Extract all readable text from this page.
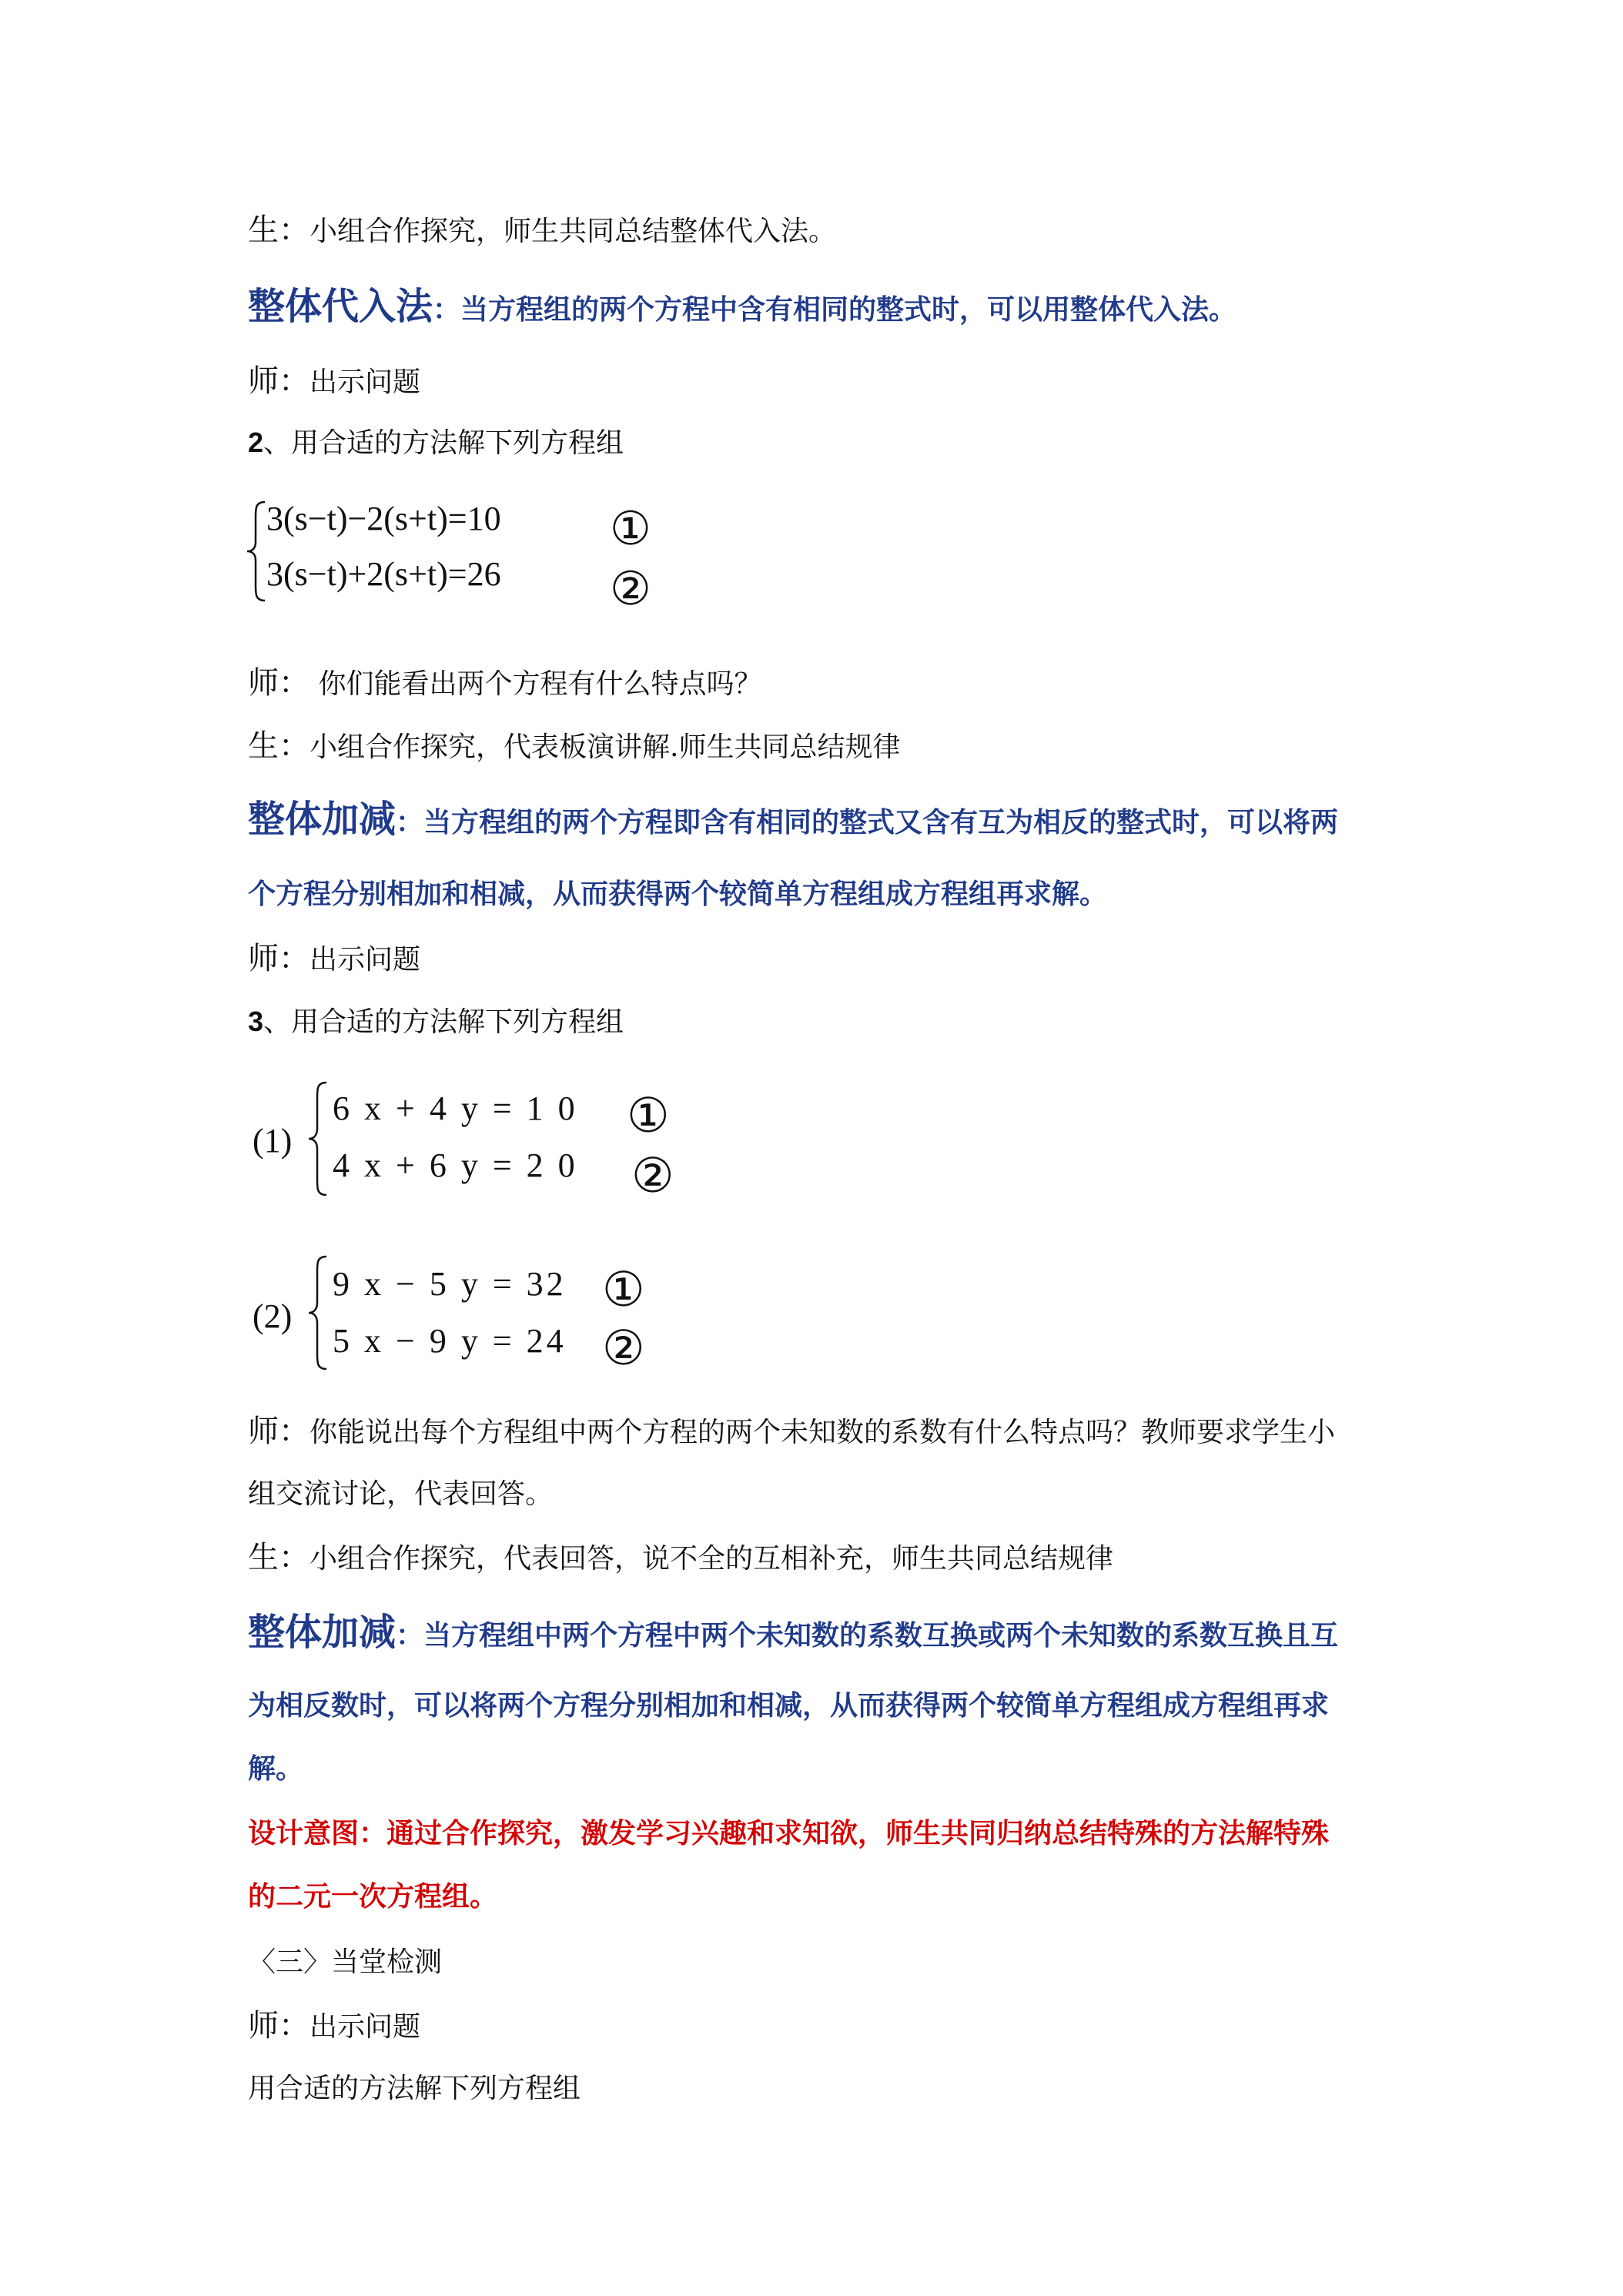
生：小组合作探究，师生共同总结整体代入法。
整体代入法：当方程组的两个方程中含有相同的整式时，可以用整体代入法。
师：出示问题
2、用合适的方法解下列方程组
3(s−t)−2(s+t)=10
3(s−t)+2(s+t)=26
①
②
师： 你们能看出两个方程有什么特点吗？
生：小组合作探究，代表板演讲解.师生共同总结规律
整体加减：当方程组的两个方程即含有相同的整式又含有互为相反的整式时，可以将两
个方程分别相加和相减，从而获得两个较简单方程组成方程组再求解。
师：出示问题
3、用合适的方法解下列方程组
(1)
6 x + 4 y = 1 0
4 x + 6 y = 2 0
①
②
(2)
9 x − 5 y = 32
5 x − 9 y = 24
①
②
师：你能说出每个方程组中两个方程的两个未知数的系数有什么特点吗？教师要求学生小
组交流讨论，代表回答。
生：小组合作探究，代表回答，说不全的互相补充，师生共同总结规律
整体加减：当方程组中两个方程中两个未知数的系数互换或两个未知数的系数互换且互
为相反数时，可以将两个方程分别相加和相减，从而获得两个较简单方程组成方程组再求
解。
设计意图：通过合作探究，激发学习兴趣和求知欲，师生共同归纳总结特殊的方法解特殊
的二元一次方程组。
〈三〉当堂检测
师：出示问题
用合适的方法解下列方程组
